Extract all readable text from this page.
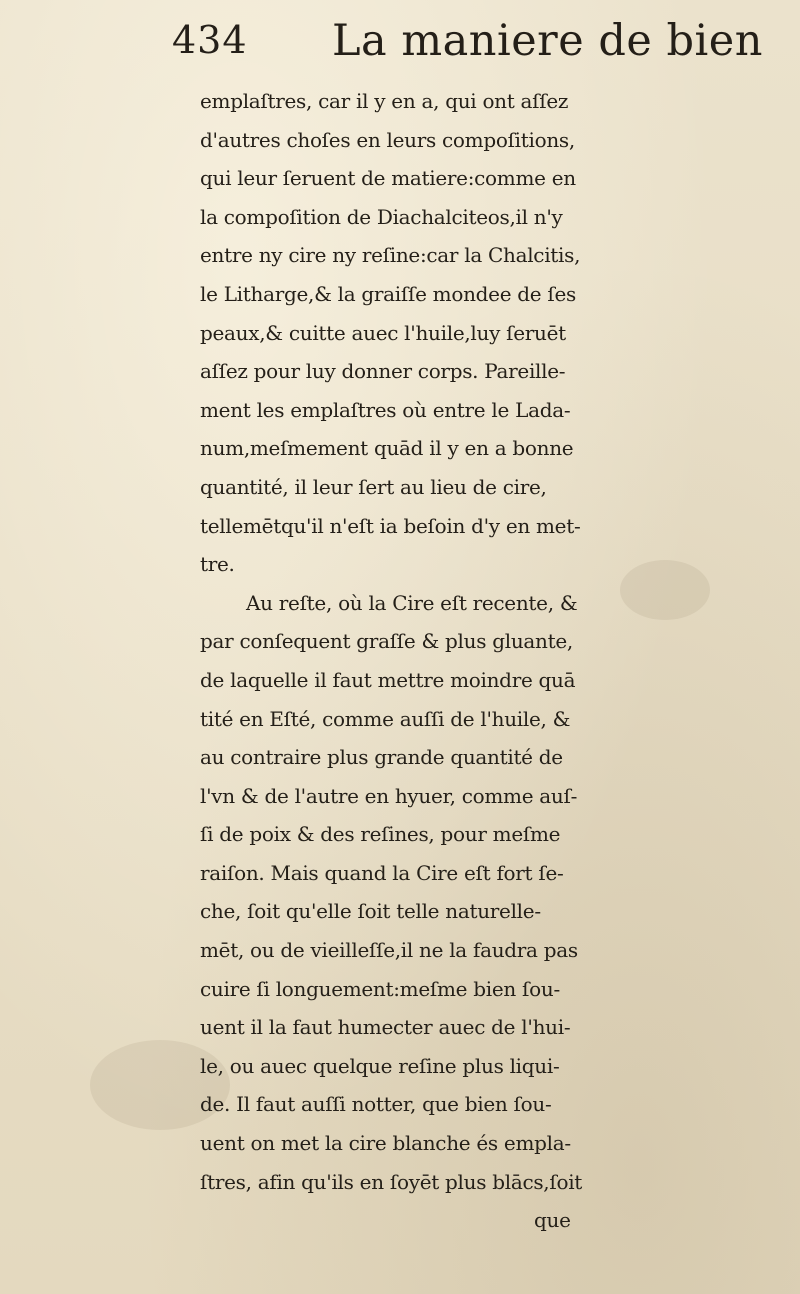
434 La maniere de bien
emplaſtres, car il y en a, qui ont aſſez
d'autres choſes en leurs compoſitions,
qui leur ſeruent de matiere:comme en
la compoſition de Diachalciteos,il n'y
entre ny cire ny reſine:car la Chalcitis,
le Litharge,& la graiſſe mondee de ſes
peaux,& cuitte auec l'huile,luy ſeruēt
aſſez pour luy donner corps. Pareille-
ment les emplaſtres où entre le Lada-
num,meſmement quād il y en a bonne
quantité, il leur ſert au lieu de cire,
tellemētqu'il n'eſt ia beſoin d'y en met-
tre.
Au reſte, où la Cire eſt recente, &
par conſequent graſſe & plus gluante,
de laquelle il faut mettre moindre quā
tité en Eſté, comme auſſi de l'huile, &
au contraire plus grande quantité de
l'vn & de l'autre en hyuer, comme auſ-
ſi de poix & des reſines, pour meſme
raiſon. Mais quand la Cire eſt fort ſe-
che, ſoit qu'elle ſoit telle naturelle-
mēt, ou de vieilleſſe,il ne la faudra pas
cuire ſi longuement:meſme bien ſou-
uent il la faut humecter auec de l'hui-
le, ou auec quelque reſine plus liqui-
de. Il faut auſſi notter, que bien ſou-
uent on met la cire blanche és empla-
ſtres, afin qu'ils en ſoyēt plus blācs,ſoit
que
